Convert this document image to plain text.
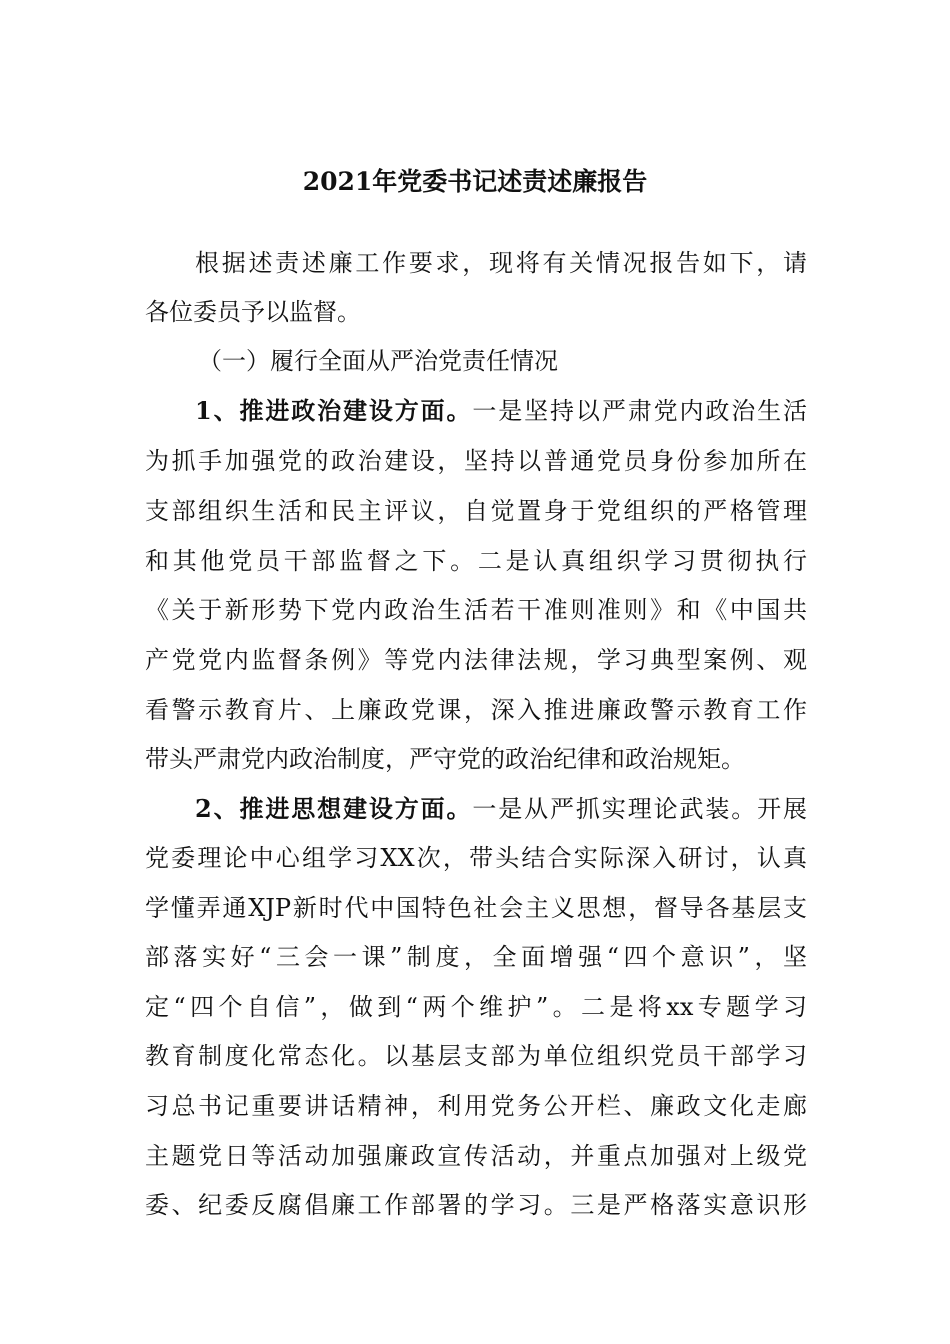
2021年党委书记述责述廉报告
根据述责述廉工作要求，现将有关情况报告如下，请
各位委员予以监督。
（一）履行全面从严治党责任情况
1、推进政治建设方面。一是坚持以严肃党内政治生活
为抓手加强党的政治建设，坚持以普通党员身份参加所在
支部组织生活和民主评议，自觉置身于党组织的严格管理
和其他党员干部监督之下。二是认真组织学习贯彻执行
《关于新形势下党内政治生活若干准则准则》和《中国共
产党党内监督条例》等党内法律法规，学习典型案例、观
看警示教育片、上廉政党课，深入推进廉政警示教育工作
带头严肃党内政治制度，严守党的政治纪律和政治规矩。
2、推进思想建设方面。一是从严抓实理论武装。开展
党委理论中心组学习XX次，带头结合实际深入研讨，认真
学懂弄通XJP新时代中国特色社会主义思想，督导各基层支
部落实好“三会一课”制度，全面增强“四个意识”，坚
定“四个自信”，做到“两个维护”。二是将xx专题学习
教育制度化常态化。以基层支部为单位组织党员干部学习
习总书记重要讲话精神，利用党务公开栏、廉政文化走廊
主题党日等活动加强廉政宣传活动，并重点加强对上级党
委、纪委反腐倡廉工作部署的学习。三是严格落实意识形
